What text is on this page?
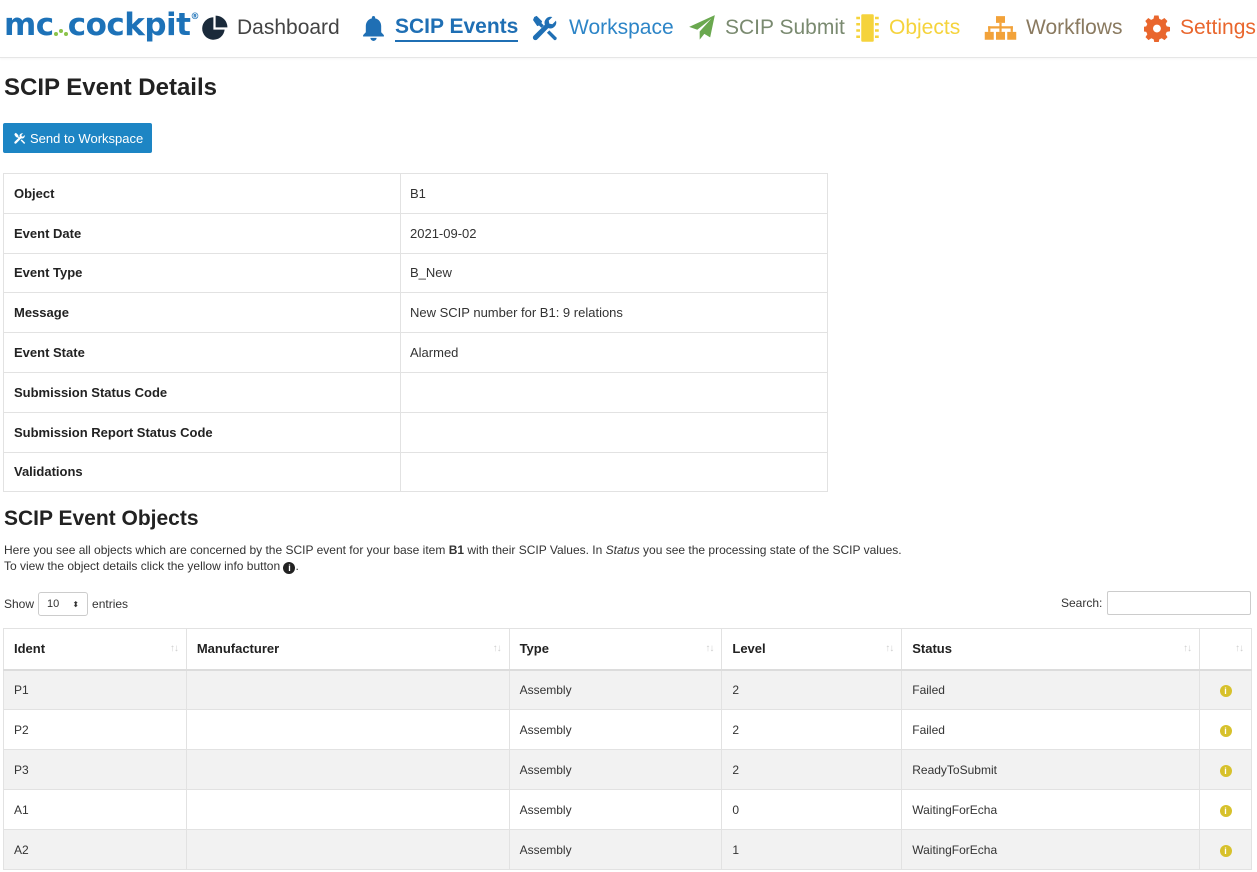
mc cockpit® Dashboard	SCIP Events Workspace SCIP Submit Objects	Workflows	Settings
SCIP Event Details
Send to Workspace
Object	B1
Event Date	2021-09-02
Event Type	B_New
Message	New SCIP number for B1: 9 relations
Event State	Alarmed
Submission Status Code	
Submission Report Status Code	
Validations	
SCIP Event Objects
Here you see all objects which are concerned by the SCIP event for your base item B1 with their SCIP Values. In Status you see the processing state of the SCIP values.
To view the object details click the yellow info button i .
Show 10 ⬍ entries	Search:
Ident ↑↓	Manufacturer ↑↓	Type ↑↓	Level ↑↓	Status ↑↓	↑↓

P1		Assembly	2	Failed	i
P2		Assembly	2	Failed	i
P3		Assembly	2	ReadyToSubmit	i
A1		Assembly	0	WaitingForEcha	i
A2		Assembly	1	WaitingForEcha	i
